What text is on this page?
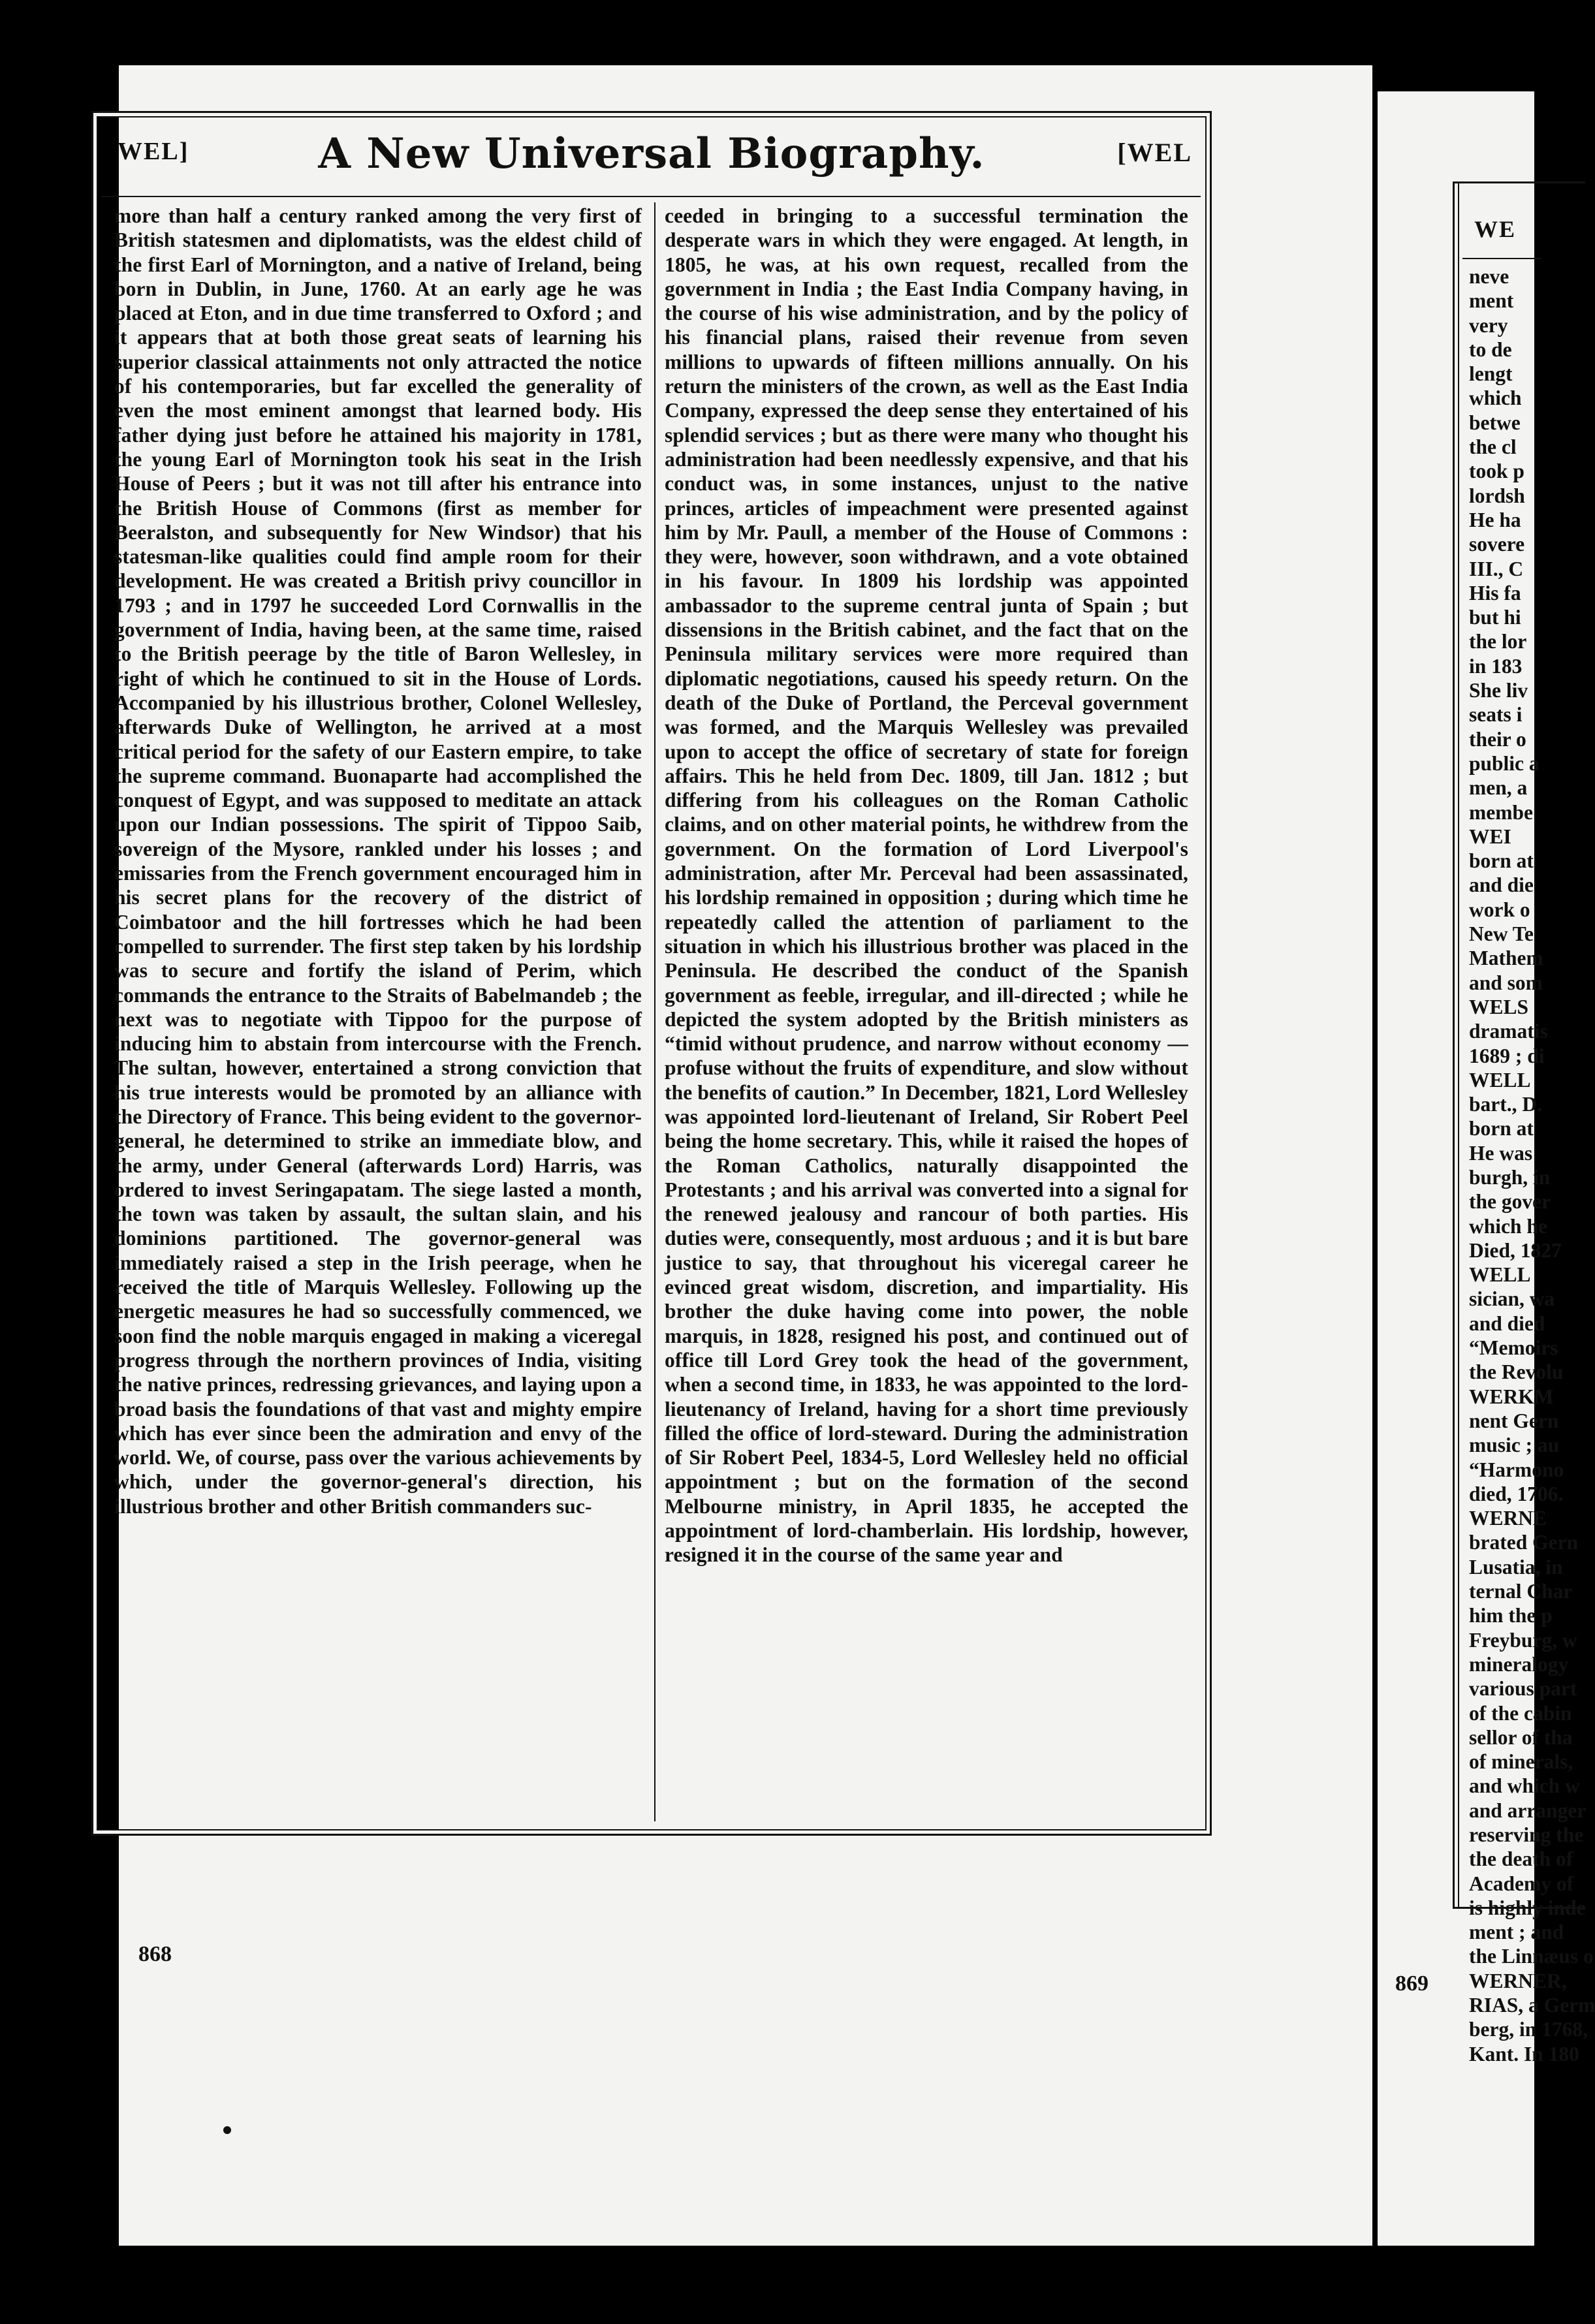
WEL]	A New Universal Biography.	[WEL
more than half a century ranked among the very first of British statesmen and diplomatists, was the eldest child of the first Earl of Mornington, and a native of Ireland, being born in Dublin, in June, 1760. At an early age he was placed at Eton, and in due time transferred to Oxford ; and it appears that at both those great seats of learning his superior classical attainments not only attracted the notice of his contemporaries, but far excelled the generality of even the most eminent amongst that learned body. His father dying just before he attained his majority in 1781, the young Earl of Mornington took his seat in the Irish House of Peers ; but it was not till after his entrance into the British House of Commons (first as member for Beeralston, and subsequently for New Windsor) that his statesman-like qualities could find ample room for their development. He was created a British privy councillor in 1793 ; and in 1797 he succeeded Lord Cornwallis in the government of India, having been, at the same time, raised to the British peerage by the title of Baron Wellesley, in right of which he continued to sit in the House of Lords. Accompanied by his illustrious brother, Colonel Wellesley, afterwards Duke of Wellington, he arrived at a most critical period for the safety of our Eastern empire, to take the supreme command. Buonaparte had accomplished the conquest of Egypt, and was supposed to meditate an attack upon our Indian possessions. The spirit of Tippoo Saib, sovereign of the Mysore, rankled under his losses ; and emissaries from the French government encouraged him in his secret plans for the recovery of the district of Coimbatoor and the hill fortresses which he had been compelled to surrender. The first step taken by his lordship was to secure and fortify the island of Perim, which commands the entrance to the Straits of Babelmandeb ; the next was to negotiate with Tippoo for the purpose of inducing him to abstain from intercourse with the French. The sultan, however, entertained a strong conviction that his true interests would be promoted by an alliance with the Directory of France. This being evident to the governor-general, he determined to strike an immediate blow, and the army, under General (afterwards Lord) Harris, was ordered to invest Seringapatam. The siege lasted a month, the town was taken by assault, the sultan slain, and his dominions partitioned. The governor-general was immediately raised a step in the Irish peerage, when he received the title of Marquis Wellesley. Following up the energetic measures he had so successfully commenced, we soon find the noble marquis engaged in making a viceregal progress through the northern provinces of India, visiting the native princes, redressing grievances, and laying upon a broad basis the foundations of that vast and mighty empire which has ever since been the admiration and envy of the world. We, of course, pass over the various achievements by which, under the governor-general's direction, his illustrious brother and other British commanders suc-
ceeded in bringing to a successful termination the desperate wars in which they were engaged. At length, in 1805, he was, at his own request, recalled from the government in India ; the East India Company having, in the course of his wise administration, and by the policy of his financial plans, raised their revenue from seven millions to upwards of fifteen millions annually. On his return the ministers of the crown, as well as the East India Company, expressed the deep sense they entertained of his splendid services ; but as there were many who thought his administration had been needlessly expensive, and that his conduct was, in some instances, unjust to the native princes, articles of impeachment were presented against him by Mr. Paull, a member of the House of Commons : they were, however, soon withdrawn, and a vote obtained in his favour. In 1809 his lordship was appointed ambassador to the supreme central junta of Spain ; but dissensions in the British cabinet, and the fact that on the Peninsula military services were more required than diplomatic negotiations, caused his speedy return. On the death of the Duke of Portland, the Perceval government was formed, and the Marquis Wellesley was prevailed upon to accept the office of secretary of state for foreign affairs. This he held from Dec. 1809, till Jan. 1812 ; but differing from his colleagues on the Roman Catholic claims, and on other material points, he withdrew from the government. On the formation of Lord Liverpool's administration, after Mr. Perceval had been assassinated, his lordship remained in opposition ; during which time he repeatedly called the attention of parliament to the situation in which his illustrious brother was placed in the Peninsula. He described the conduct of the Spanish government as feeble, irregular, and ill-directed ; while he depicted the system adopted by the British ministers as “timid without prudence, and narrow without economy — profuse without the fruits of expenditure, and slow without the benefits of caution.” In December, 1821, Lord Wellesley was appointed lord-lieutenant of Ireland, Sir Robert Peel being the home secretary. This, while it raised the hopes of the Roman Catholics, naturally disappointed the Protestants ; and his arrival was converted into a signal for the renewed jealousy and rancour of both parties. His duties were, consequently, most arduous ; and it is but bare justice to say, that throughout his viceregal career he evinced great wisdom, discretion, and impartiality. His brother the duke having come into power, the noble marquis, in 1828, resigned his post, and continued out of office till Lord Grey took the head of the government, when a second time, in 1833, he was appointed to the lord-lieutenancy of Ireland, having for a short time previously filled the office of lord-steward. During the administration of Sir Robert Peel, 1834-5, Lord Wellesley held no official appointment ; but on the formation of the second Melbourne ministry, in April 1835, he accepted the appointment of lord-chamberlain. His lordship, however, resigned it in the course of the same year and
868
WE
neve
ment
very
to de
lengt
which
betwe
the cl
took p
lordsh
He ha
sovere
III., C
His fa
but hi
the lor
in 183
She liv
seats i
their o
public a
men, a
membe
WEI
born at
and die
work o
New Te
Mathem
and som
WELS
dramatis
1689 ; di
WELL
bart., D.
born at
He was
burgh, in
the gover
which he
Died, 1827
WELL
sician, wa
and died
“Memoirs
the Revolu
WERKM
nent Gern
music ; au
“Harmono
died, 1706.
WERNE
brated Gern
Lusatia, in
ternal Char
him the p
Freyburg, w
mineralogy
various part
of the cabin
sellor of tha
of minerals,
and which w
and arranger
reserving the
the death of
Academy of
is highly inde
ment ; and
the Linnæus o
WERNER,
RIAS, a Germ
berg, in 1768,
Kant. In 180
869
